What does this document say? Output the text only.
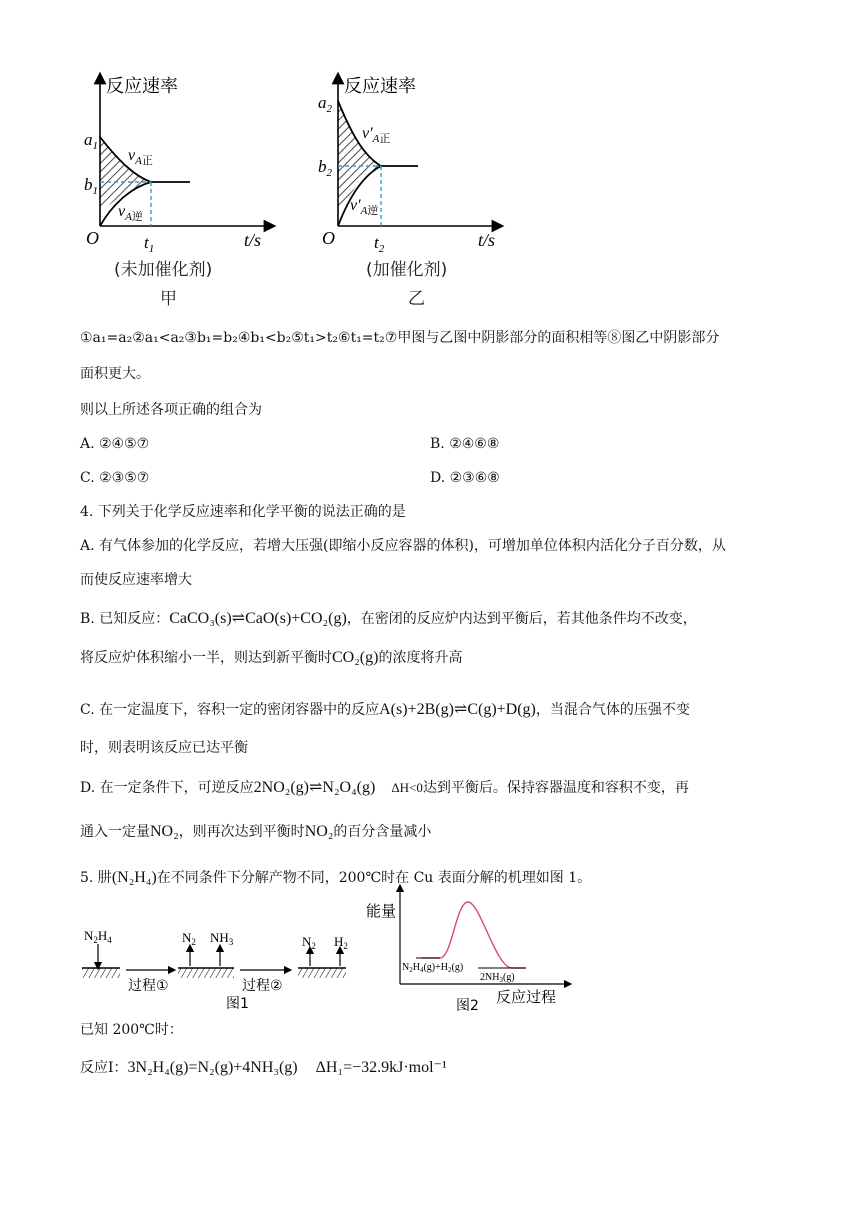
反应速率
$a_1$
$b_1$
O	$t_1$	t/s
$v_A$正
$v_A$逆
反应速率
$a_2$
$b_2$
O $t_2$	t/s
$v'_A$正
$v'_A$逆
(未加催化剂)
甲
(加催化剂)
乙
①a₁=a₂②a₁<a₂③b₁=b₂④b₁<b₂⑤t₁>t₂⑥t₁=t₂⑦甲图与乙图中阴影部分的面积相等⑧图乙中阴影部分
面积更大。
则以上所述各项正确的组合为
A. ②④⑤⑦	B. ②④⑥⑧
C. ②③⑤⑦	D. ②③⑥⑧
4. 下列关于化学反应速率和化学平衡的说法正确的是
A. 有气体参加的化学反应，若增大压强(即缩小反应容器的体积)，可增加单位体积内活化分子百分数，从
而使反应速率增大
B. 已知反应：CaCO₃(s)⇌CaO(s)+CO₂(g)，在密闭的反应炉内达到平衡后，若其他条件均不改变，
将反应炉体积缩小一半，则达到新平衡时CO₂(g)的浓度将升高
C. 在一定温度下，容积一定的密闭容器中的反应A(s)+2B(g)⇌C(g)+D(g)，当混合气体的压强不变
时，则表明该反应已达平衡
D. 在一定条件下，可逆反应2NO₂(g)⇌N₂O₄(g) ΔH<0达到平衡后。保持容器温度和容积不变，再
通入一定量NO₂，则再次达到平衡时NO₂的百分含量减小
5. 肼(N₂H₄)在不同条件下分解产物不同，200℃时在 Cu 表面分解的机理如图 1。
$N_2H_4$
过程①
$N_2$ $NH_3$
过程②
$N_2$ $H_2$
图1
能量
$N_2H_4(g)+H_2(g)$
$2NH_3(g)$
反应过程
图2
已知 200℃时：
反应Ⅰ：3N₂H₄(g)=N₂(g)+4NH₃(g) ΔH₁=−32.9kJ·mol⁻¹
